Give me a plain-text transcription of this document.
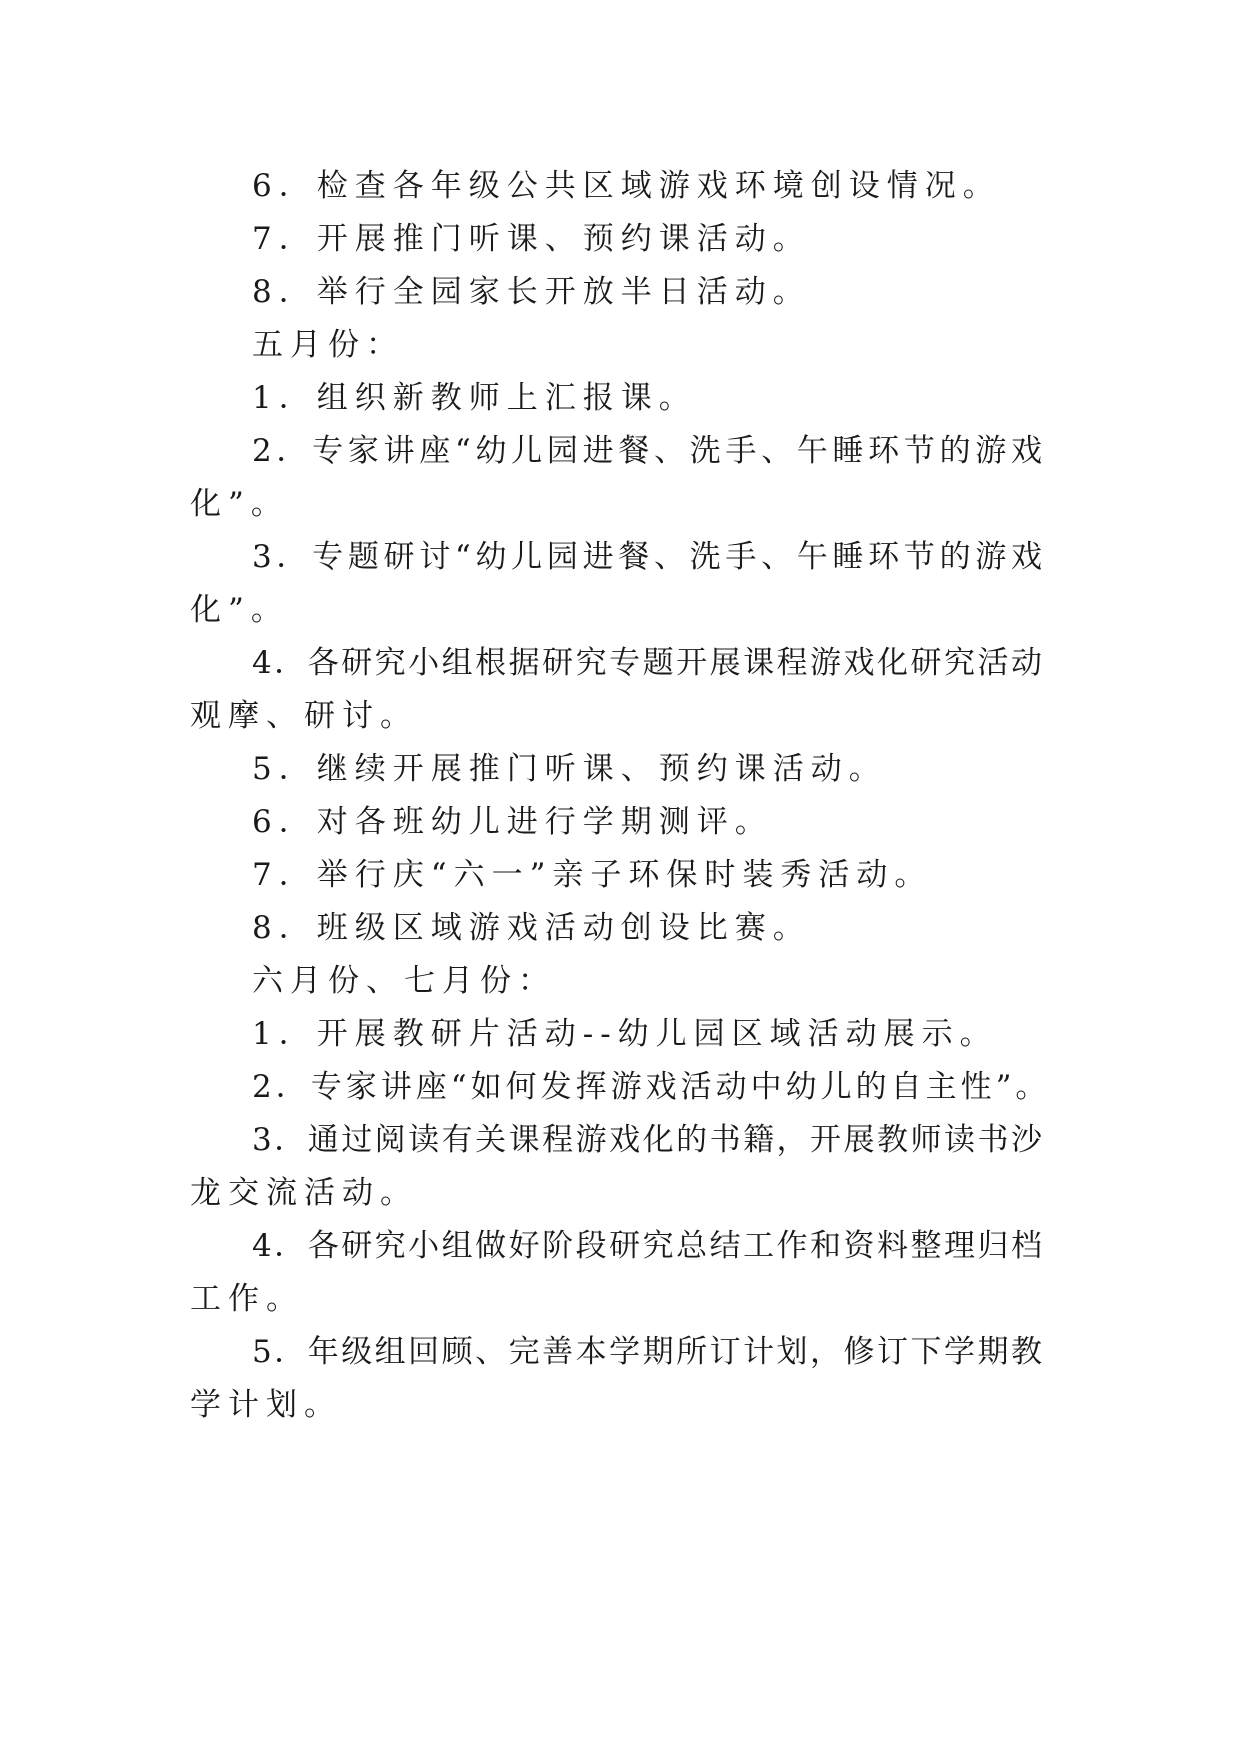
6．检查各年级公共区域游戏环境创设情况。
7．开展推门听课、预约课活动。
8．举行全园家长开放半日活动。
五月份：
1．组织新教师上汇报课。
2．专家讲座“幼儿园进餐、洗手、午睡环节的游戏
化”。
3．专题研讨“幼儿园进餐、洗手、午睡环节的游戏
化”。
4．各研究小组根据研究专题开展课程游戏化研究活动
观摩、研讨。
5．继续开展推门听课、预约课活动。
6．对各班幼儿进行学期测评。
7．举行庆“六一”亲子环保时装秀活动。
8．班级区域游戏活动创设比赛。
六月份、七月份：
1．开展教研片活动--幼儿园区域活动展示。
2．专家讲座“如何发挥游戏活动中幼儿的自主性”。
3．通过阅读有关课程游戏化的书籍，开展教师读书沙
龙交流活动。
4．各研究小组做好阶段研究总结工作和资料整理归档
工作。
5．年级组回顾、完善本学期所订计划，修订下学期教
学计划。
